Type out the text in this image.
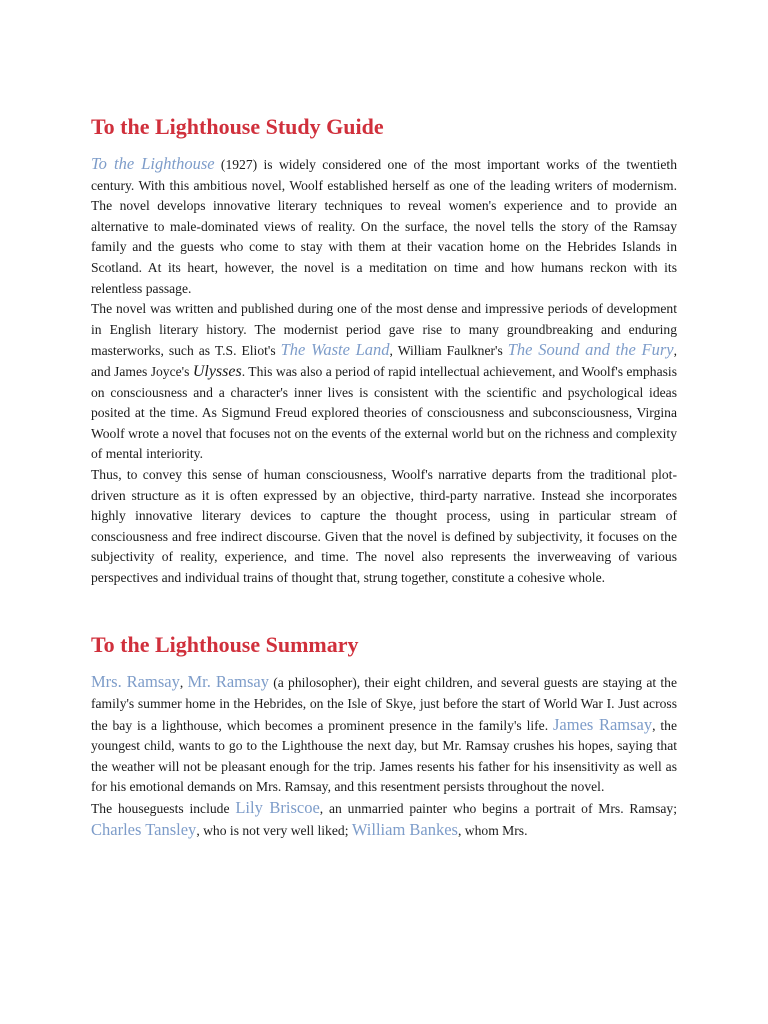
To the Lighthouse Study Guide

To the Lighthouse (1927) is widely considered one of the most important works of the twentieth century. With this ambitious novel, Woolf established herself as one of the leading writers of modernism. The novel develops innovative literary techniques to reveal women's experience and to provide an alternative to male-dominated views of reality. On the surface, the novel tells the story of the Ramsay family and the guests who come to stay with them at their vacation home on the Hebrides Islands in Scotland. At its heart, however, the novel is a meditation on time and how humans reckon with its relentless passage.

The novel was written and published during one of the most dense and impressive periods of development in English literary history. The modernist period gave rise to many groundbreaking and enduring masterworks, such as T.S. Eliot's The Waste Land, William Faulkner's The Sound and the Fury, and James Joyce's Ulysses. This was also a period of rapid intellectual achievement, and Woolf's emphasis on consciousness and a character's inner lives is consistent with the scientific and psychological ideas posited at the time. As Sigmund Freud explored theories of consciousness and subconsciousness, Virgina Woolf wrote a novel that focuses not on the events of the external world but on the richness and complexity of mental interiority.

Thus, to convey this sense of human consciousness, Woolf's narrative departs from the traditional plot-driven structure as it is often expressed by an objective, third-party narrative. Instead she incorporates highly innovative literary devices to capture the thought process, using in particular stream of consciousness and free indirect discourse. Given that the novel is defined by subjectivity, it focuses on the subjectivity of reality, experience, and time. The novel also represents the inverweaving of various perspectives and individual trains of thought that, strung together, constitute a cohesive whole.

To the Lighthouse Summary

Mrs. Ramsay, Mr. Ramsay (a philosopher), their eight children, and several guests are staying at the family's summer home in the Hebrides, on the Isle of Skye, just before the start of World War I. Just across the bay is a lighthouse, which becomes a prominent presence in the family's life. James Ramsay, the youngest child, wants to go to the Lighthouse the next day, but Mr. Ramsay crushes his hopes, saying that the weather will not be pleasant enough for the trip. James resents his father for his insensitivity as well as for his emotional demands on Mrs. Ramsay, and this resentment persists throughout the novel.

The houseguests include Lily Briscoe, an unmarried painter who begins a portrait of Mrs. Ramsay; Charles Tansley, who is not very well liked; William Bankes, whom Mrs.
